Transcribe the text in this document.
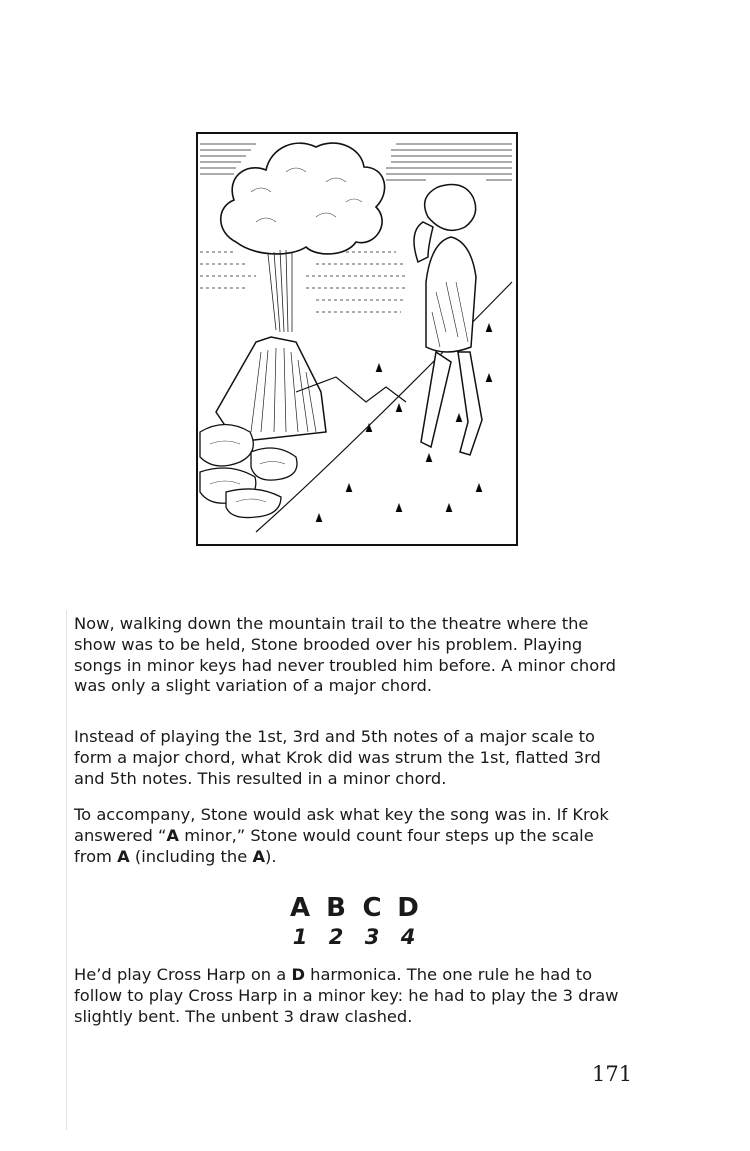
Now, walking down the mountain trail to the theatre where the show was to be held, Stone brooded over his problem. Playing songs in minor keys had never troubled him before. A minor chord was only a slight variation of a major chord.

Instead of playing the 1st, 3rd and 5th notes of a major scale to form a major chord, what Krok did was strum the 1st, flatted 3rd and 5th notes. This resulted in a minor chord.

To accompany, Stone would ask what key the song was in. If Krok answered “A minor,” Stone would count four steps up the scale from A (including the A).

A B C D
1	2	3	4

He’d play Cross Harp on a D harmonica. The one rule he had to follow to play Cross Harp in a minor key: he had to play the 3 draw slightly bent. The unbent 3 draw clashed.

171
